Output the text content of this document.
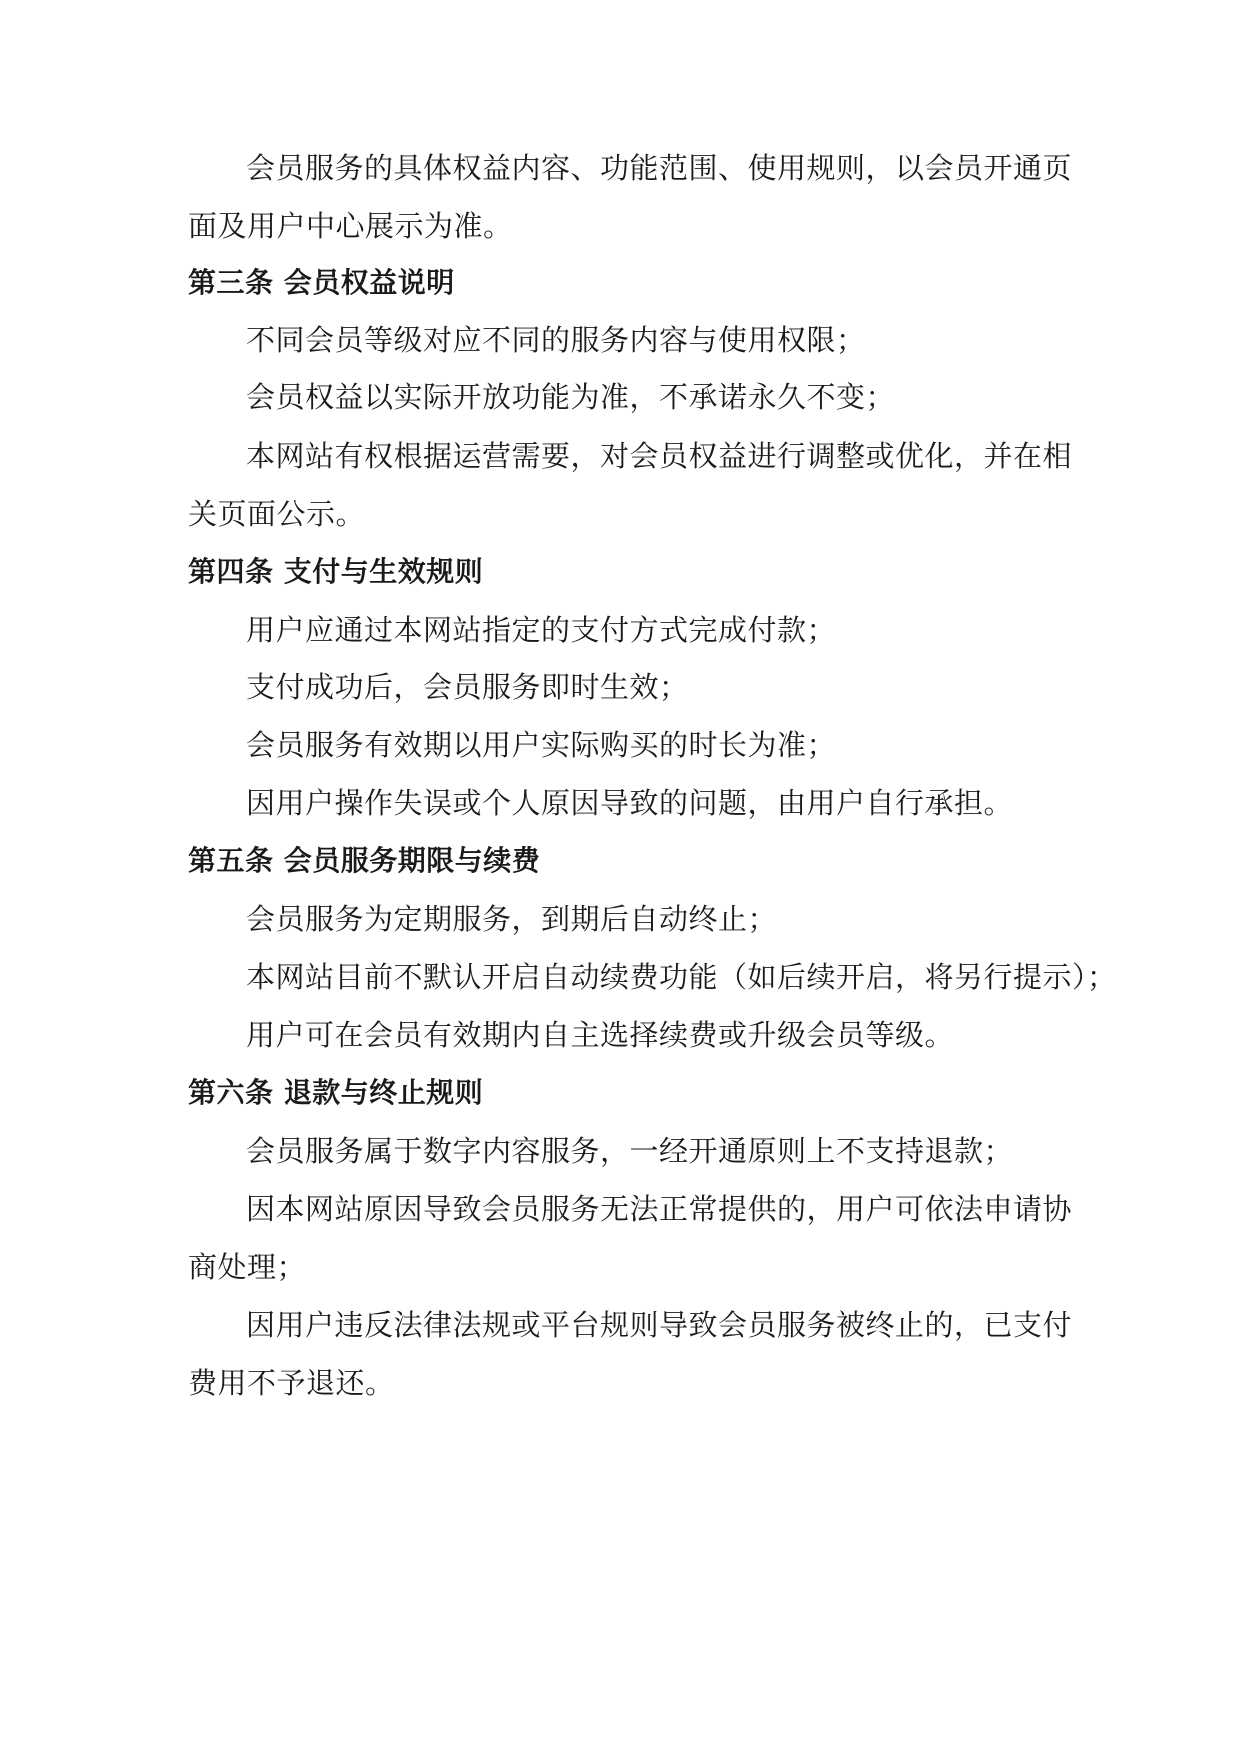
会员服务的具体权益内容、功能范围、使用规则，以会员开通页
面及用户中心展示为准。
第三条 会员权益说明
不同会员等级对应不同的服务内容与使用权限；
会员权益以实际开放功能为准，不承诺永久不变；
本网站有权根据运营需要，对会员权益进行调整或优化，并在相
关页面公示。
第四条 支付与生效规则
用户应通过本网站指定的支付方式完成付款；
支付成功后，会员服务即时生效；
会员服务有效期以用户实际购买的时长为准；
因用户操作失误或个人原因导致的问题，由用户自行承担。
第五条 会员服务期限与续费
会员服务为定期服务，到期后自动终止；
本网站目前不默认开启自动续费功能（如后续开启，将另行提示）；
用户可在会员有效期内自主选择续费或升级会员等级。
第六条 退款与终止规则
会员服务属于数字内容服务，一经开通原则上不支持退款；
因本网站原因导致会员服务无法正常提供的，用户可依法申请协
商处理；
因用户违反法律法规或平台规则导致会员服务被终止的，已支付
费用不予退还。
